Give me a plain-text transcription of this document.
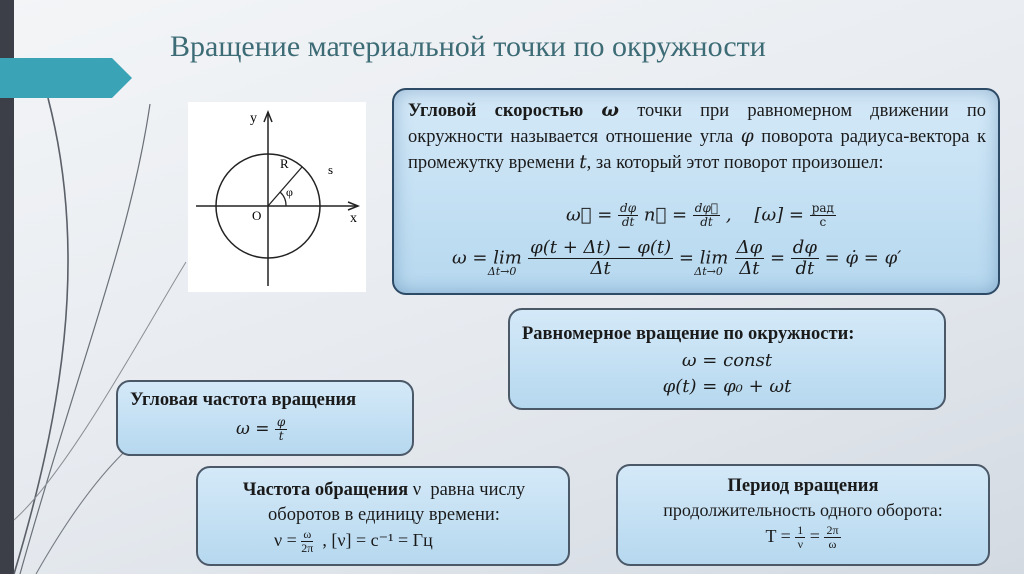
Вращение материальной точки по окружности
y
x
O
R	s
φ
Угловой скоростью ω точки при равномерном движении по окружности называется отношение угла φ поворота радиуса-вектора к промежутку времени t, за который этот поворот произошел:
ω⃗ = $\frac{d\varphi}{dt}$ n⃗ = $\frac{d\varphi⃗}{dt}$ ,    $[\omega] = \frac{\text{рад}}{с}$
$\omega = \lim_{\Delta t\to 0} \frac{\varphi(t + \Delta t) - \varphi(t)}{\Delta t} = \lim_{\Delta t\to 0} \frac{\Delta\varphi}{\Delta t} = \frac{d\varphi}{dt}$ = φ̇ = φ′
Равномерное вращение по окружности:
ω = const
φ(t) = φ₀ + ωt
Угловая частота вращения
$\omega = \frac{\varphi}{t}$
Частота обращения ν  равна числу оборотов в единицу времени:
$\nu = \frac{\omega}{2\pi}$ , [ν] = с⁻¹ = Гц
Период вращения
продолжительность одного оборота:
$T = \frac{1}{\nu} = \frac{2\pi}{\omega}$
